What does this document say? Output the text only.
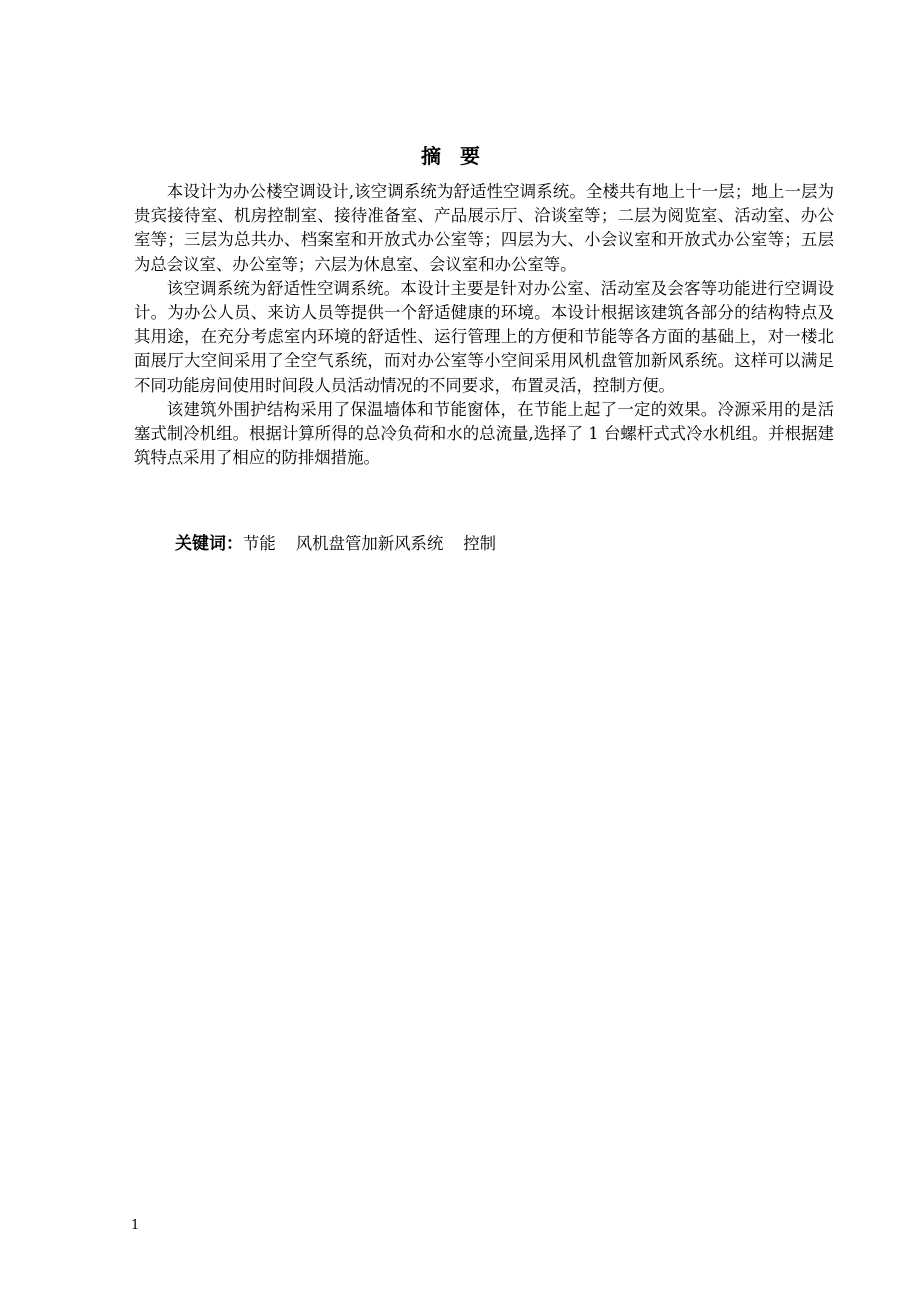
摘 要

本设计为办公楼空调设计,该空调系统为舒适性空调系统。全楼共有地上十一层；地上一层为贵宾接待室、机房控制室、接待准备室、产品展示厅、洽谈室等；二层为阅览室、活动室、办公室等；三层为总共办、档案室和开放式办公室等；四层为大、小会议室和开放式办公室等；五层为总会议室、办公室等；六层为休息室、会议室和办公室等。

该空调系统为舒适性空调系统。本设计主要是针对办公室、活动室及会客等功能进行空调设计。为办公人员、来访人员等提供一个舒适健康的环境。本设计根据该建筑各部分的结构特点及其用途，在充分考虑室内环境的舒适性、运行管理上的方便和节能等各方面的基础上，对一楼北面展厅大空间采用了全空气系统，而对办公室等小空间采用风机盘管加新风系统。这样可以满足不同功能房间使用时间段人员活动情况的不同要求，布置灵活，控制方便。

该建筑外围护结构采用了保温墙体和节能窗体，在节能上起了一定的效果。冷源采用的是活塞式制冷机组。根据计算所得的总冷负荷和水的总流量,选择了 1 台螺杆式式冷水机组。并根据建筑特点采用了相应的防排烟措施。

关键词：节能 风机盘管加新风系统 控制
1
